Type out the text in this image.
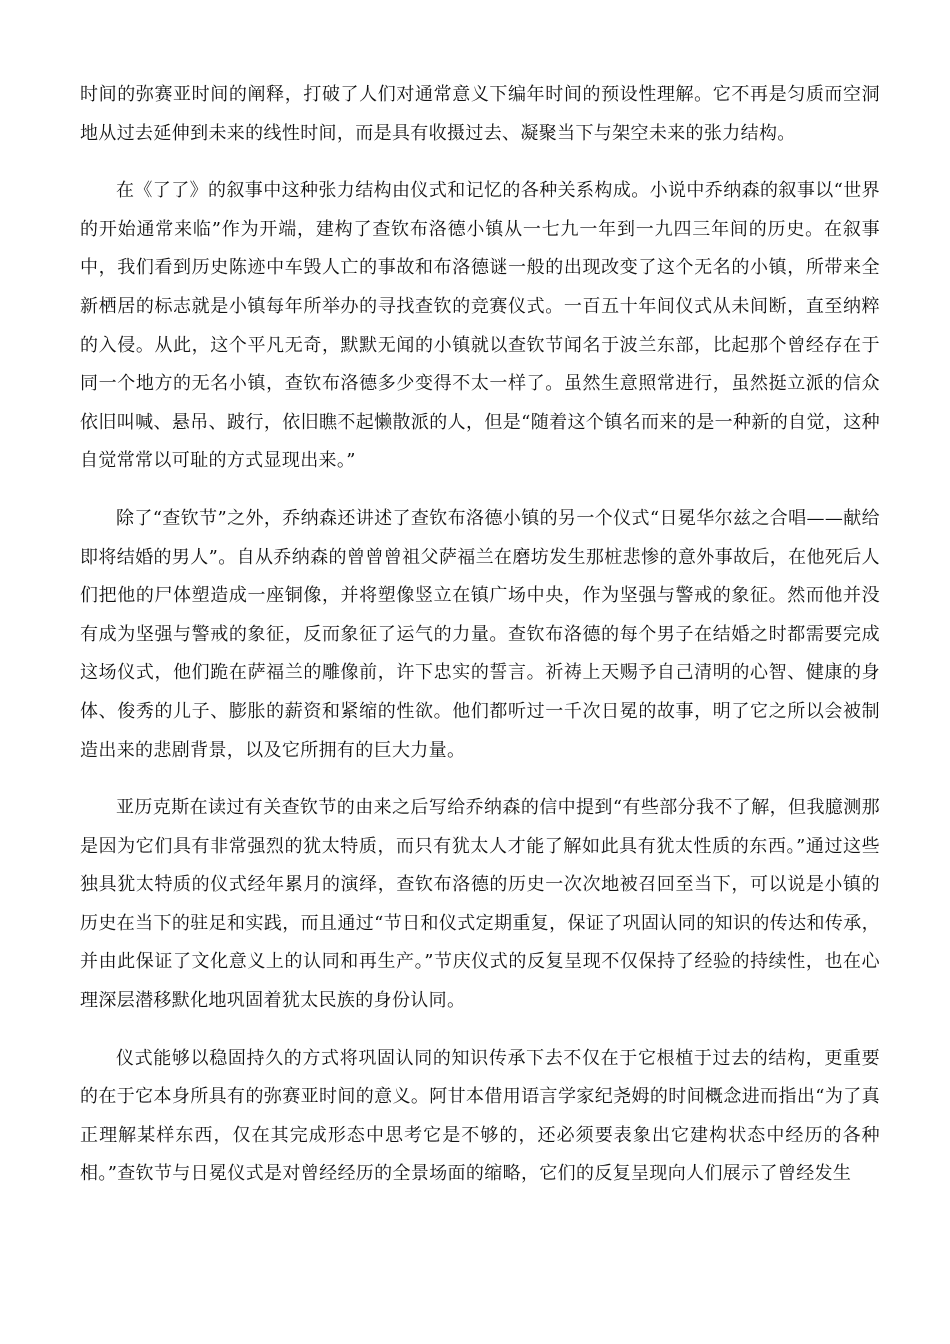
时间的弥赛亚时间的阐释，打破了人们对通常意义下编年时间的预设性理解。它不再是匀质而空洞地从过去延伸到未来的线性时间，而是具有收摄过去、凝聚当下与架空未来的张力结构。

在《了了》的叙事中这种张力结构由仪式和记忆的各种关系构成。小说中乔纳森的叙事以“世界的开始通常来临”作为开端，建构了查钦布洛德小镇从一七九一年到一九四三年间的历史。在叙事中，我们看到历史陈迹中车毁人亡的事故和布洛德谜一般的出现改变了这个无名的小镇，所带来全新栖居的标志就是小镇每年所举办的寻找查钦的竞赛仪式。一百五十年间仪式从未间断，直至纳粹的入侵。从此，这个平凡无奇，默默无闻的小镇就以查钦节闻名于波兰东部，比起那个曾经存在于同一个地方的无名小镇，查钦布洛德多少变得不太一样了。虽然生意照常进行，虽然挺立派的信众依旧叫喊、悬吊、跛行，依旧瞧不起懒散派的人，但是“随着这个镇名而来的是一种新的自觉，这种自觉常常以可耻的方式显现出来。”

除了“查钦节”之外，乔纳森还讲述了查钦布洛德小镇的另一个仪式“日冕华尔兹之合唱——献给即将结婚的男人”。自从乔纳森的曾曾曾祖父萨福兰在磨坊发生那桩悲惨的意外事故后，在他死后人们把他的尸体塑造成一座铜像，并将塑像竖立在镇广场中央，作为坚强与警戒的象征。然而他并没有成为坚强与警戒的象征，反而象征了运气的力量。查钦布洛德的每个男子在结婚之时都需要完成这场仪式，他们跪在萨福兰的雕像前，许下忠实的誓言。祈祷上天赐予自己清明的心智、健康的身体、俊秀的儿子、膨胀的薪资和紧缩的性欲。他们都听过一千次日冕的故事，明了它之所以会被制造出来的悲剧背景，以及它所拥有的巨大力量。

亚历克斯在读过有关查钦节的由来之后写给乔纳森的信中提到“有些部分我不了解，但我臆测那是因为它们具有非常强烈的犹太特质，而只有犹太人才能了解如此具有犹太性质的东西。”通过这些独具犹太特质的仪式经年累月的演绎，查钦布洛德的历史一次次地被召回至当下，可以说是小镇的历史在当下的驻足和实践，而且通过“节日和仪式定期重复，保证了巩固认同的知识的传达和传承，并由此保证了文化意义上的认同和再生产。”节庆仪式的反复呈现不仅保持了经验的持续性，也在心理深层潜移默化地巩固着犹太民族的身份认同。

仪式能够以稳固持久的方式将巩固认同的知识传承下去不仅在于它根植于过去的结构，更重要的在于它本身所具有的弥赛亚时间的意义。阿甘本借用语言学家纪尧姆的时间概念进而指出“为了真正理解某样东西，仅在其完成形态中思考它是不够的，还必须要表象出它建构状态中经历的各种相。”查钦节与日冕仪式是对曾经经历的全景场面的缩略，它们的反复呈现向人们展示了曾经发生
